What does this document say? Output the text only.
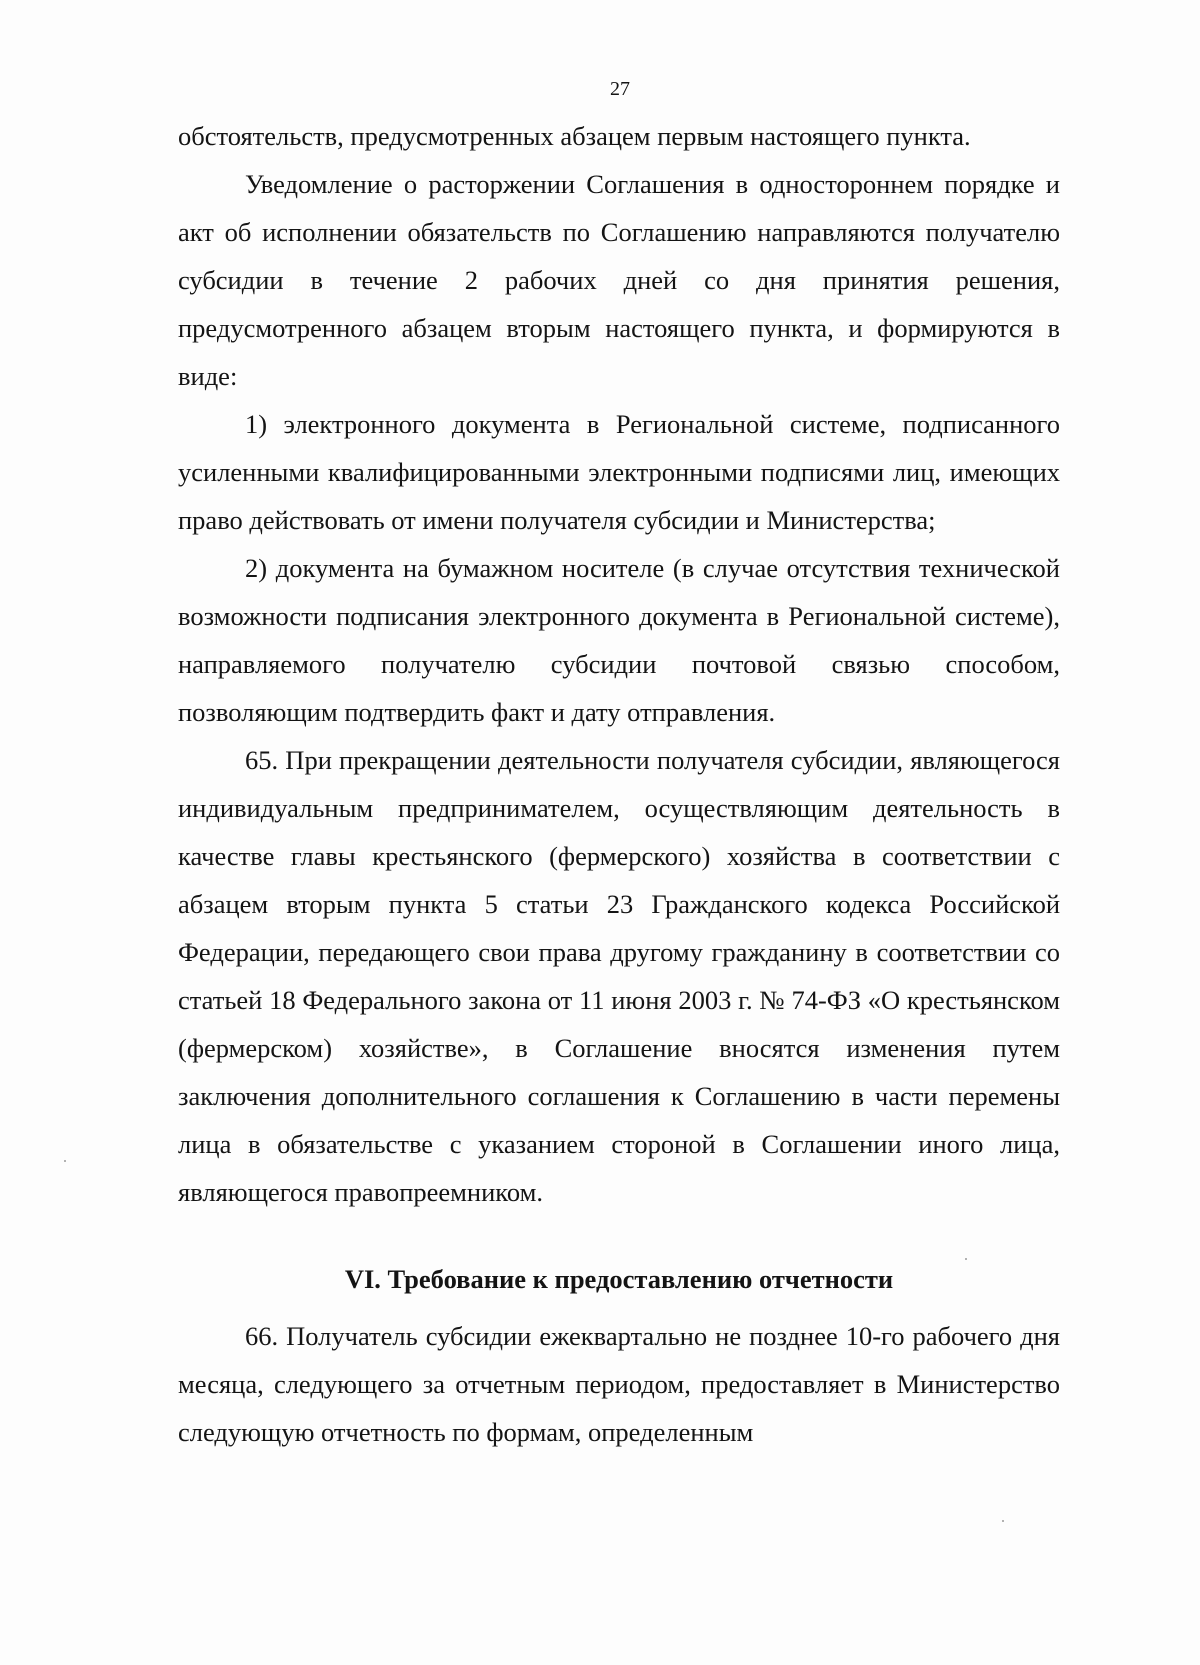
27

обстоятельств, предусмотренных абзацем первым настоящего пункта.

Уведомление о расторжении Соглашения в одностороннем порядке и акт об исполнении обязательств по Соглашению направляются получателю субсидии в течение 2 рабочих дней со дня принятия решения, предусмотренного абзацем вторым настоящего пункта, и формируются в виде:

1) электронного документа в Региональной системе, подписанного усиленными квалифицированными электронными подписями лиц, имеющих право действовать от имени получателя субсидии и Министерства;

2) документа на бумажном носителе (в случае отсутствия технической возможности подписания электронного документа в Региональной системе), направляемого получателю субсидии почтовой связью способом, позволяющим подтвердить факт и дату отправления.

65. При прекращении деятельности получателя субсидии, являющегося индивидуальным предпринимателем, осуществляющим деятельность в качестве главы крестьянского (фермерского) хозяйства в соответствии с абзацем вторым пункта 5 статьи 23 Гражданского кодекса Российской Федерации, передающего свои права другому гражданину в соответствии со статьей 18 Федерального закона от 11 июня 2003 г. № 74-ФЗ «О крестьянском (фермерском) хозяйстве», в Соглашение вносятся изменения путем заключения дополнительного соглашения к Соглашению в части перемены лица в обязательстве с указанием стороной в Соглашении иного лица, являющегося правопреемником.

VI. Требование к предоставлению отчетности

66. Получатель субсидии ежеквартально не позднее 10-го рабочего дня месяца, следующего за отчетным периодом, предоставляет в Министерство следующую отчетность по формам, определенным
